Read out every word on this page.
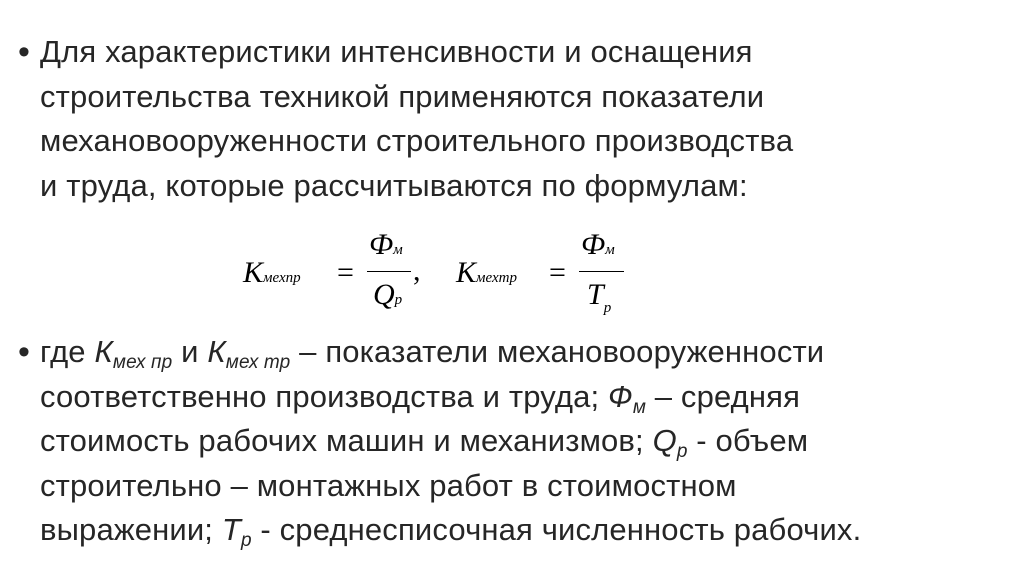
• Для характеристики интенсивности и оснащения
строительства техникой применяются показатели
механовооруженности строительного производства
и труда, которые рассчитываются по формулам:
Кмехпр =
Фм
Qр
, Кмехтр =
Фм
$Т_р$
• где $К_{мех пр}$ и $К_{мех тр}$ – показатели механовооруженности
соответственно производства и труда; $Ф_м$ – средняя
стоимость рабочих машин и механизмов; $Q_р$ - объем
строительно – монтажных работ в стоимостном
выражении; $Т_р$ - среднесписочная численность рабочих.
